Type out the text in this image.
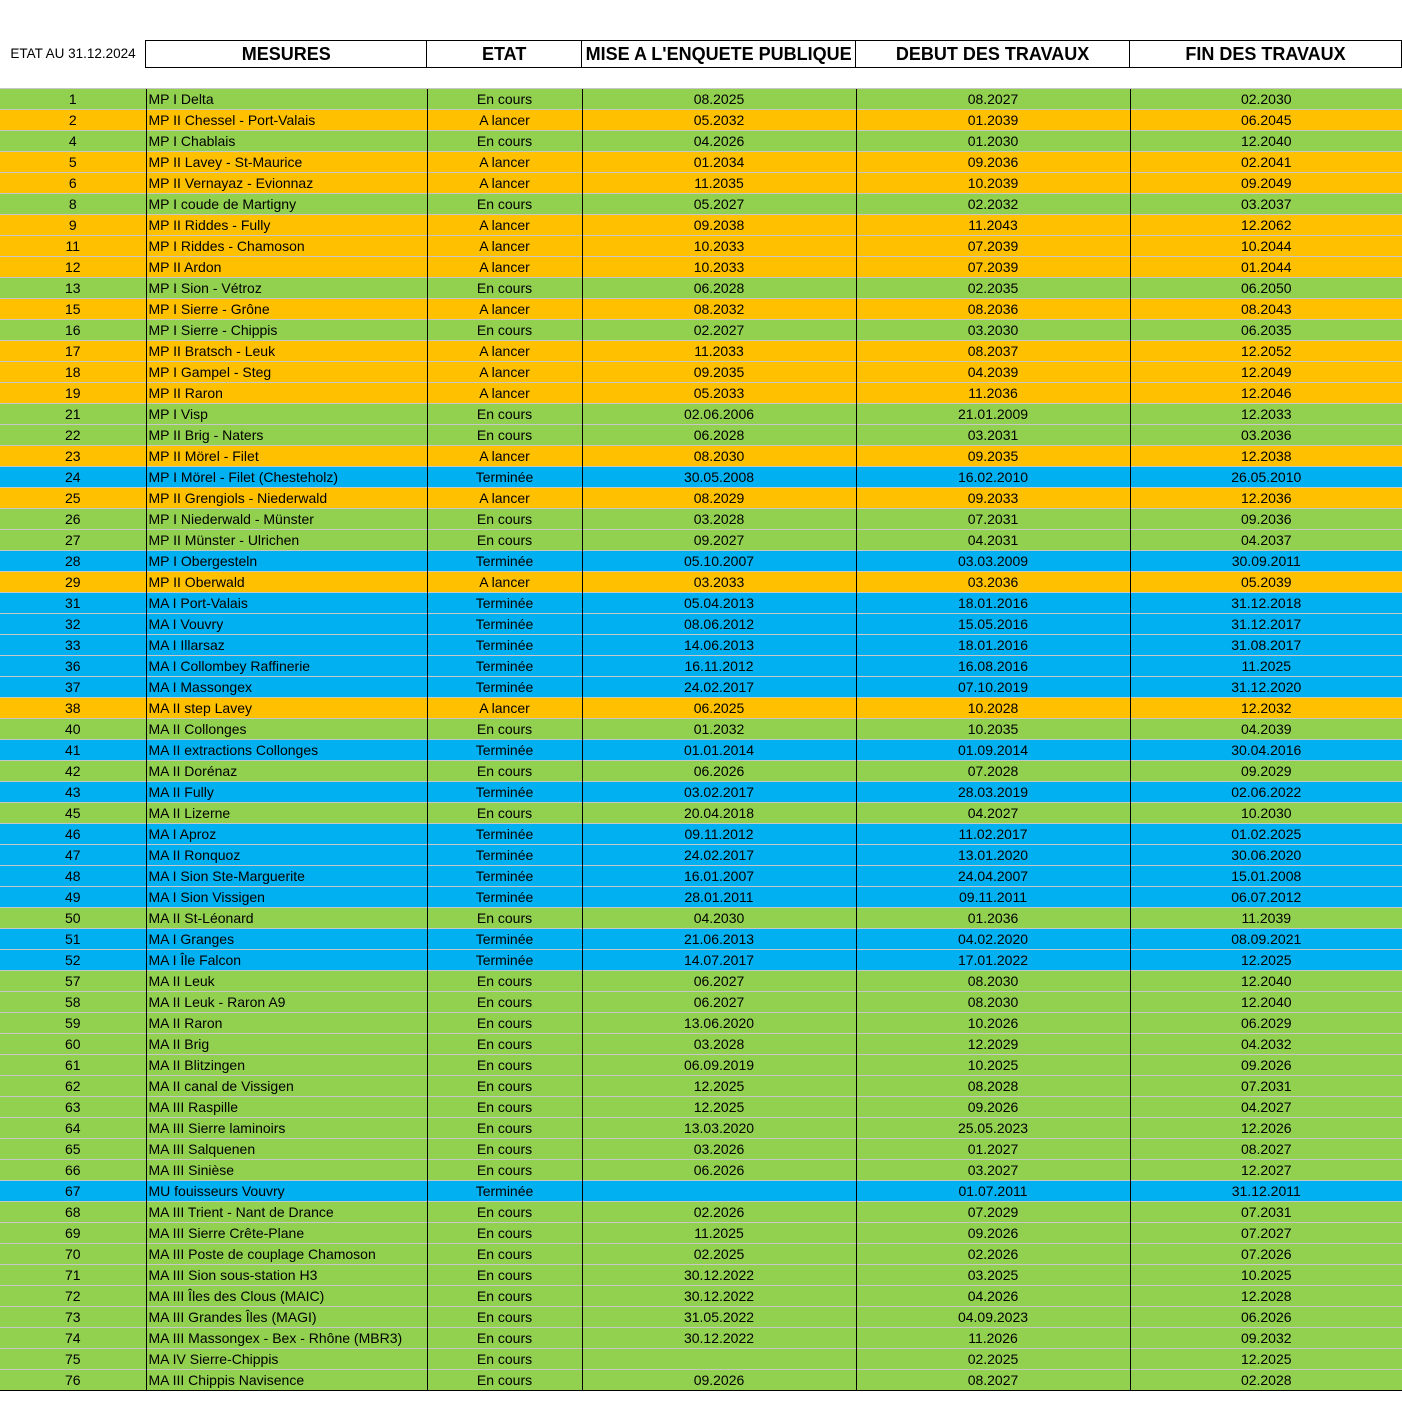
ETAT AU 31.12.2024
		MESURES	ETAT	MISE A L'ENQUETE PUBLIQUE	DEBUT DES TRAVAUX	FIN DES TRAVAUX
1	MP I Delta	En cours	08.2025	08.2027	02.2030
2	MP II Chessel - Port-Valais	A lancer	05.2032	01.2039	06.2045
4	MP I Chablais	En cours	04.2026	01.2030	12.2040
5	MP II Lavey - St-Maurice	A lancer	01.2034	09.2036	02.2041
6	MP II Vernayaz - Evionnaz	A lancer	11.2035	10.2039	09.2049
8	MP I coude de Martigny	En cours	05.2027	02.2032	03.2037
9	MP II Riddes - Fully	A lancer	09.2038	11.2043	12.2062
11	MP I Riddes - Chamoson	A lancer	10.2033	07.2039	10.2044
12	MP II Ardon	A lancer	10.2033	07.2039	01.2044
13	MP I Sion - Vétroz	En cours	06.2028	02.2035	06.2050
15	MP I Sierre - Grône	A lancer	08.2032	08.2036	08.2043
16	MP I Sierre - Chippis	En cours	02.2027	03.2030	06.2035
17	MP II Bratsch - Leuk	A lancer	11.2033	08.2037	12.2052
18	MP I Gampel - Steg	A lancer	09.2035	04.2039	12.2049
19	MP II Raron	A lancer	05.2033	11.2036	12.2046
21	MP I Visp	En cours	02.06.2006	21.01.2009	12.2033
22	MP II Brig - Naters	En cours	06.2028	03.2031	03.2036
23	MP II Mörel - Filet	A lancer	08.2030	09.2035	12.2038
24	MP I Mörel - Filet (Chesteholz)	Terminée	30.05.2008	16.02.2010	26.05.2010
25	MP II Grengiols - Niederwald	A lancer	08.2029	09.2033	12.2036
26	MP I Niederwald - Münster	En cours	03.2028	07.2031	09.2036
27	MP II Münster - Ulrichen	En cours	09.2027	04.2031	04.2037
28	MP I Obergesteln	Terminée	05.10.2007	03.03.2009	30.09.2011
29	MP II Oberwald	A lancer	03.2033	03.2036	05.2039
31	MA I Port-Valais	Terminée	05.04.2013	18.01.2016	31.12.2018
32	MA I Vouvry	Terminée	08.06.2012	15.05.2016	31.12.2017
33	MA I Illarsaz	Terminée	14.06.2013	18.01.2016	31.08.2017
36	MA I Collombey Raffinerie	Terminée	16.11.2012	16.08.2016	11.2025
37	MA I Massongex	Terminée	24.02.2017	07.10.2019	31.12.2020
38	MA II step Lavey	A lancer	06.2025	10.2028	12.2032
40	MA II Collonges	En cours	01.2032	10.2035	04.2039
41	MA II extractions Collonges	Terminée	01.01.2014	01.09.2014	30.04.2016
42	MA II Dorénaz	En cours	06.2026	07.2028	09.2029
43	MA II Fully	Terminée	03.02.2017	28.03.2019	02.06.2022
45	MA II Lizerne	En cours	20.04.2018	04.2027	10.2030
46	MA I Aproz	Terminée	09.11.2012	11.02.2017	01.02.2025
47	MA II Ronquoz	Terminée	24.02.2017	13.01.2020	30.06.2020
48	MA I Sion Ste-Marguerite	Terminée	16.01.2007	24.04.2007	15.01.2008
49	MA I Sion Vissigen	Terminée	28.01.2011	09.11.2011	06.07.2012
50	MA II St-Léonard	En cours	04.2030	01.2036	11.2039
51	MA I Granges	Terminée	21.06.2013	04.02.2020	08.09.2021
52	MA I Île Falcon	Terminée	14.07.2017	17.01.2022	12.2025
57	MA II Leuk	En cours	06.2027	08.2030	12.2040
58	MA II Leuk - Raron A9	En cours	06.2027	08.2030	12.2040
59	MA II Raron	En cours	13.06.2020	10.2026	06.2029
60	MA II Brig	En cours	03.2028	12.2029	04.2032
61	MA II Blitzingen	En cours	06.09.2019	10.2025	09.2026
62	MA II canal de Vissigen	En cours	12.2025	08.2028	07.2031
63	MA III Raspille	En cours	12.2025	09.2026	04.2027
64	MA III Sierre laminoirs	En cours	13.03.2020	25.05.2023	12.2026
65	MA III Salquenen	En cours	03.2026	01.2027	08.2027
66	MA III Sinièse	En cours	06.2026	03.2027	12.2027
67	MU fouisseurs Vouvry	Terminée		01.07.2011	31.12.2011
68	MA III Trient - Nant de Drance	En cours	02.2026	07.2029	07.2031
69	MA III Sierre Crête-Plane	En cours	11.2025	09.2026	07.2027
70	MA III Poste de couplage Chamoson	En cours	02.2025	02.2026	07.2026
71	MA III Sion sous-station H3	En cours	30.12.2022	03.2025	10.2025
72	MA III Îles des Clous (MAIC)	En cours	30.12.2022	04.2026	12.2028
73	MA III Grandes Îles (MAGI)	En cours	31.05.2022	04.09.2023	06.2026
74	MA III Massongex - Bex - Rhône (MBR3)	En cours	30.12.2022	11.2026	09.2032
75	MA IV Sierre-Chippis	En cours		02.2025	12.2025
76	MA III Chippis Navisence	En cours	09.2026	08.2027	02.2028
